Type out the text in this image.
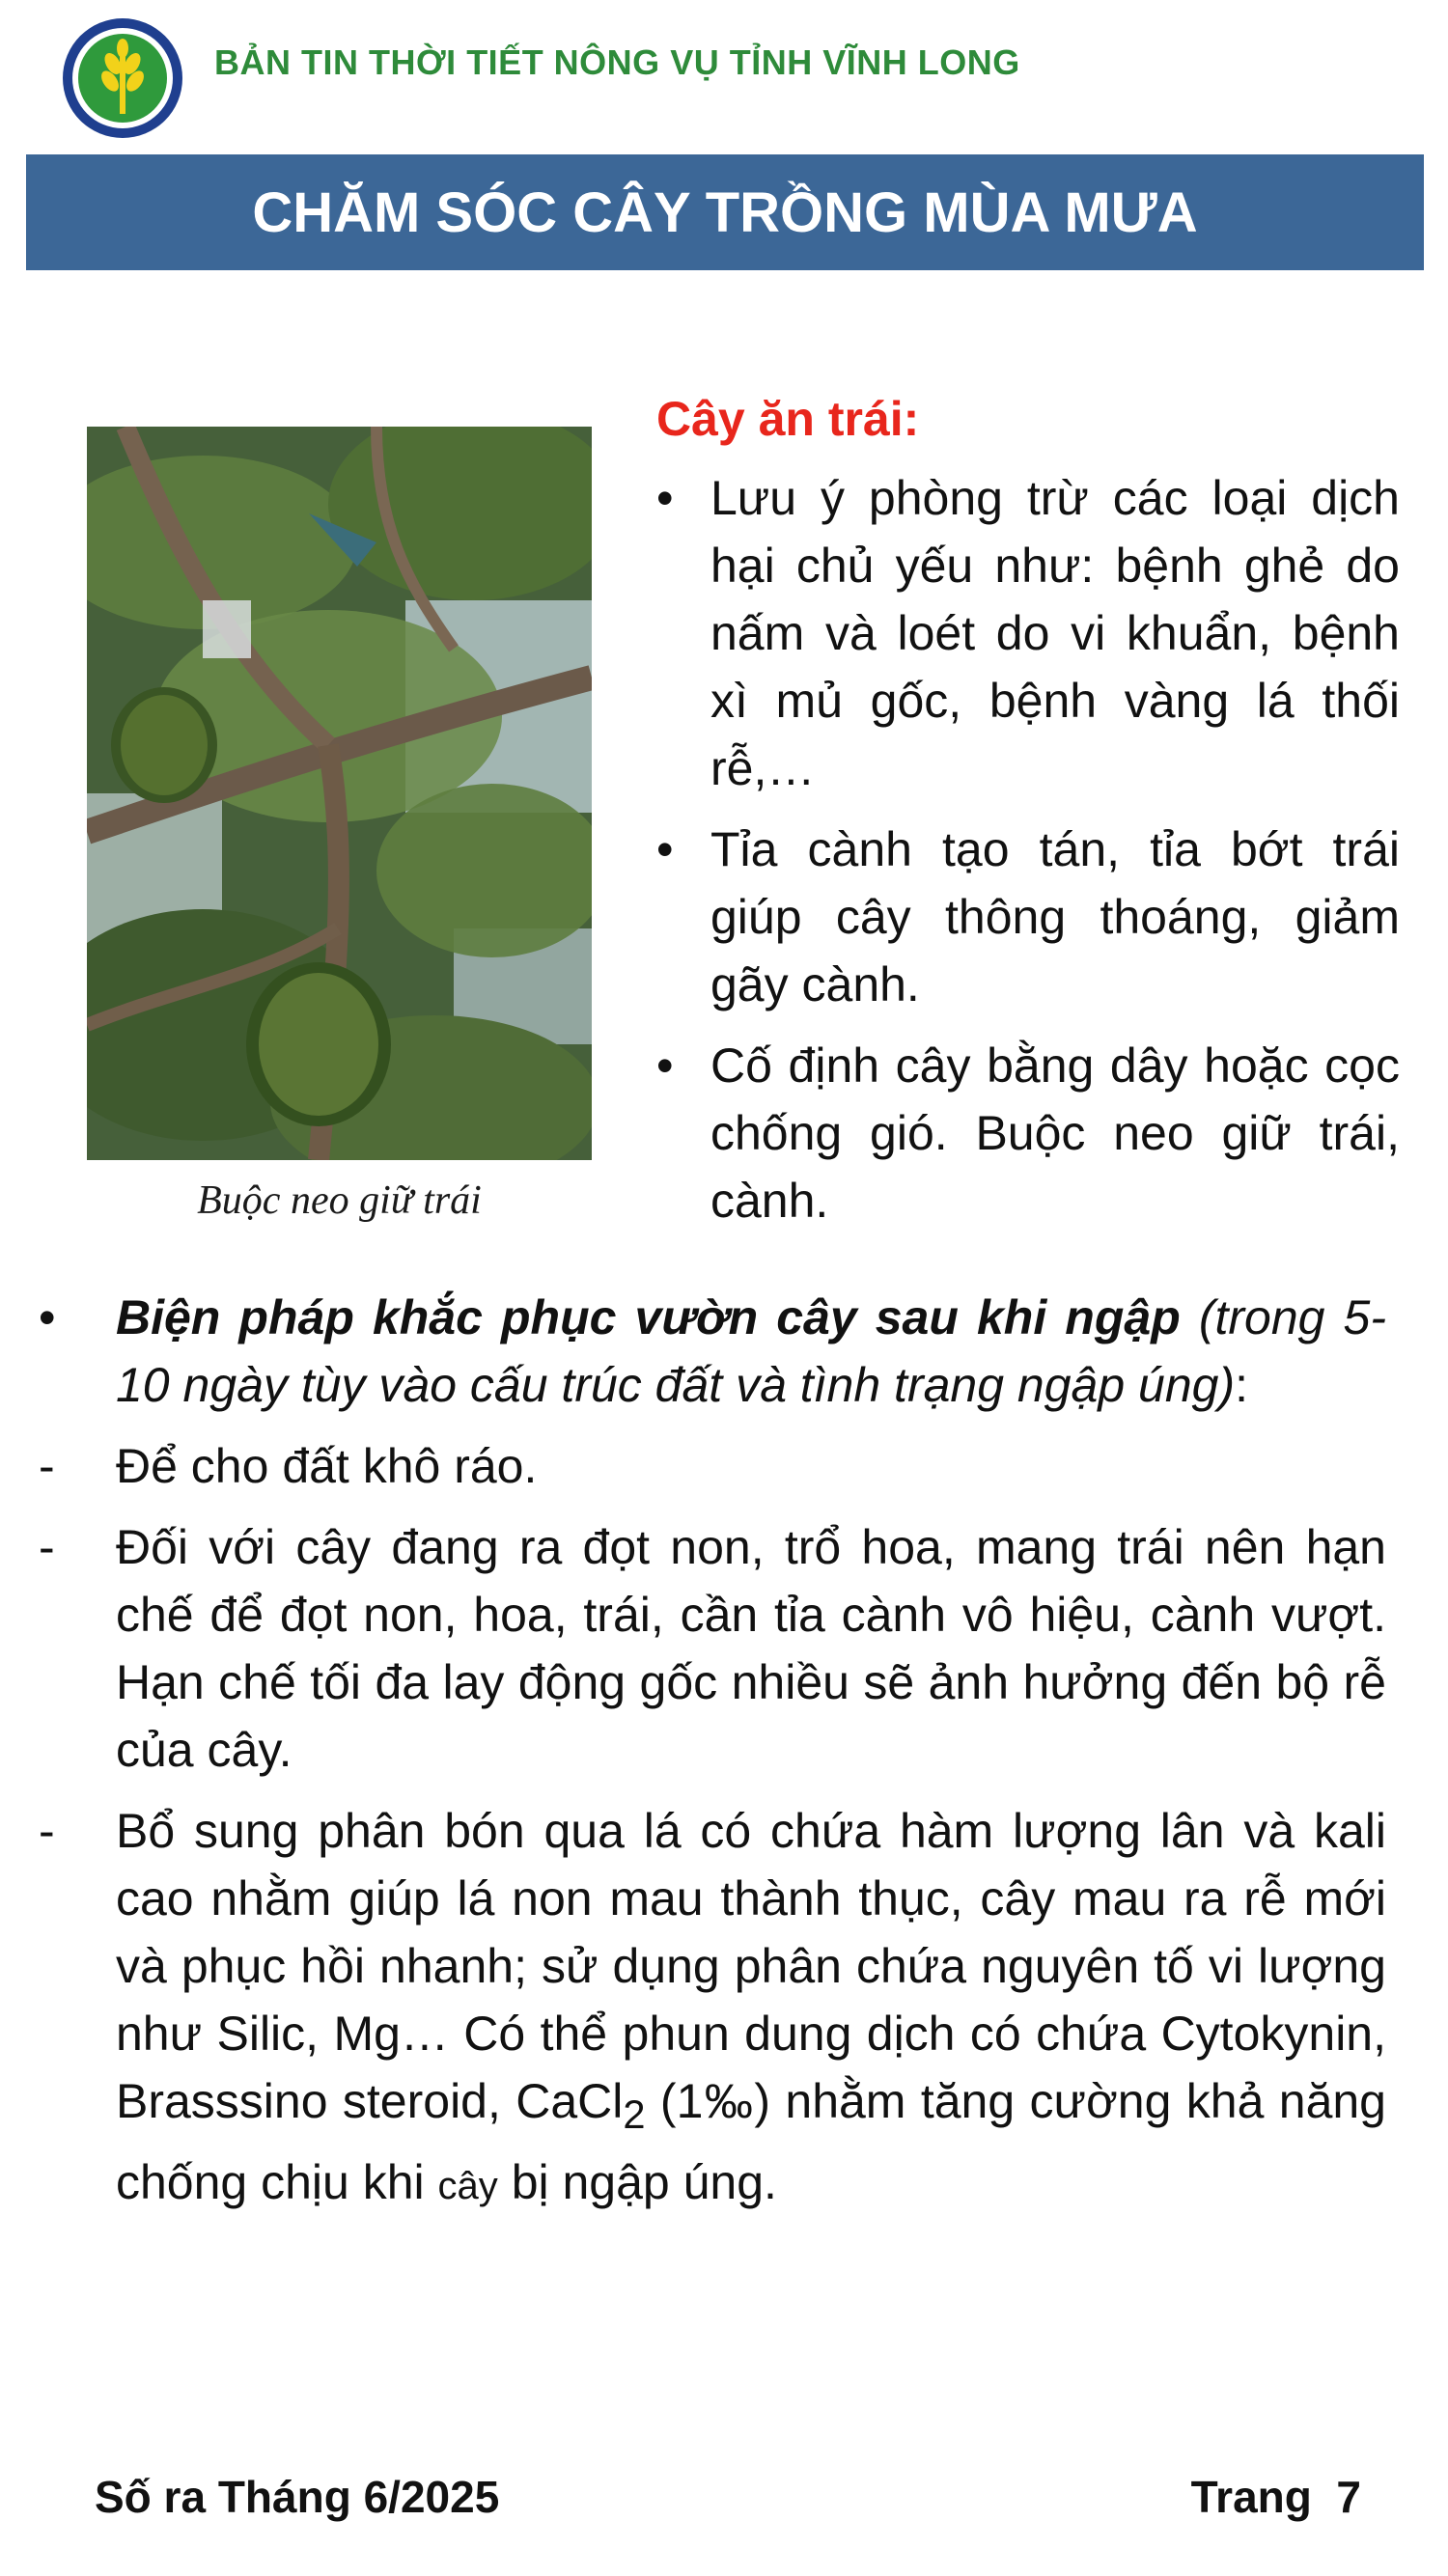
BẢN TIN THỜI TIẾT NÔNG VỤ TỈNH VĨNH LONG
CHĂM SÓC CÂY TRỒNG MÙA MƯA
Buộc neo giữ trái
Cây ăn trái:
• Lưu ý phòng trừ các loại dịch hại chủ yếu như: bệnh ghẻ do nấm và loét do vi khuẩn, bệnh xì mủ gốc, bệnh vàng lá thối rễ,…
• Tỉa cành tạo tán, tỉa bớt trái giúp cây thông thoáng, giảm gãy cành.
• Cố định cây bằng dây hoặc cọc chống gió. Buộc neo giữ trái, cành.
•	Biện pháp khắc phục vườn cây sau khi ngập (trong 5-10 ngày tùy vào cấu trúc đất và tình trạng ngập úng):
-	Để cho đất khô ráo.
-	Đối với cây đang ra đọt non, trổ hoa, mang trái nên hạn chế để đọt non, hoa, trái, cần tỉa cành vô hiệu, cành vượt. Hạn chế tối đa lay động gốc nhiều sẽ ảnh hưởng đến bộ rễ của cây.
-	Bổ sung phân bón qua lá có chứa hàm lượng lân và kali cao nhằm giúp lá non mau thành thục, cây mau ra rễ mới và phục hồi nhanh; sử dụng phân chứa nguyên tố vi lượng như Silic, Mg… Có thể phun dung dịch có chứa Cytokynin, Brasssino steroid, CaCl$_2$ (1‰) nhằm tăng cường khả năng chống chịu khi cây bị ngập úng.
Số ra Tháng 6/2025	Trang  7
